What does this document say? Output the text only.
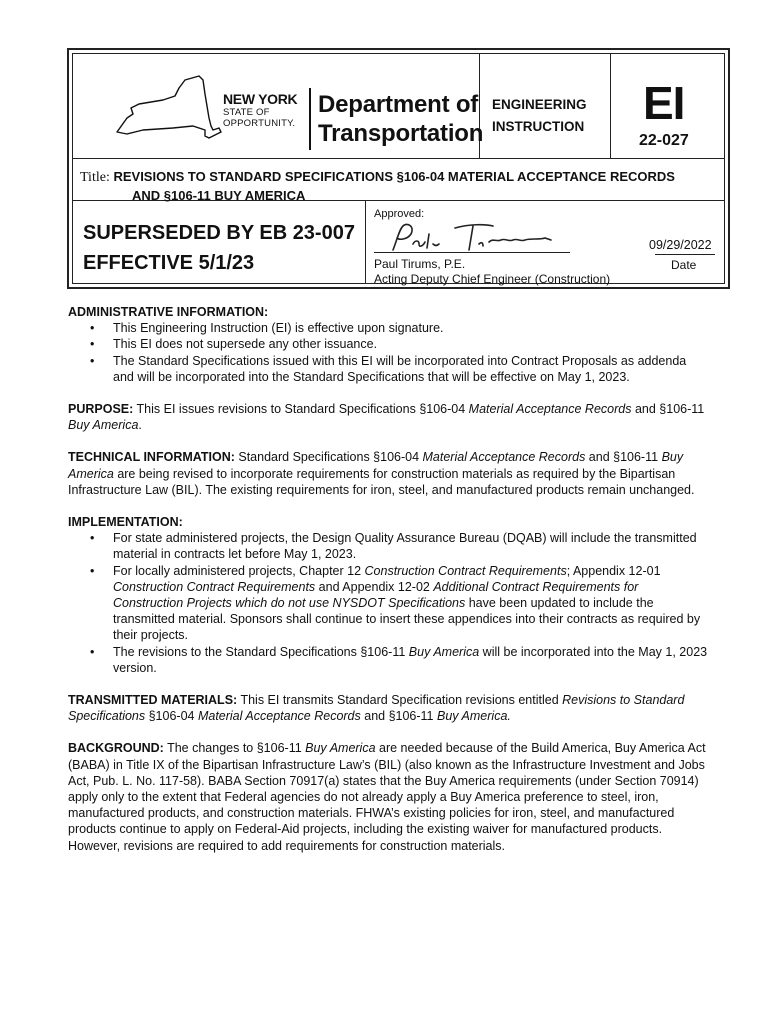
NEW YORK
STATE OF
OPPORTUNITY.
Department of
Transportation
ENGINEERING
INSTRUCTION EI
22-027
Title: REVISIONS TO STANDARD SPECIFICATIONS §106-04 MATERIAL ACCEPTANCE RECORDS
AND §106-11 BUY AMERICA
SUPERSEDED BY EB 23-007
EFFECTIVE 5/1/23
Approved:
Paul Tirums, P.E.
Acting Deputy Chief Engineer (Construction)
09/29/2022
Date

ADMINISTRATIVE INFORMATION:

• This Engineering Instruction (EI) is effective upon signature.

• This EI does not supersede any other issuance.

• The Standard Specifications issued with this EI will be incorporated into Contract Proposals as addenda and will be incorporated into the Standard Specifications that will be effective on May 1, 2023.

PURPOSE: This EI issues revisions to Standard Specifications §106-04 Material Acceptance Records and §106-11 Buy America.

TECHNICAL INFORMATION: Standard Specifications §106-04 Material Acceptance Records and §106-11 Buy America are being revised to incorporate requirements for construction materials as required by the Bipartisan Infrastructure Law (BIL). The existing requirements for iron, steel, and manufactured products remain unchanged.

IMPLEMENTATION:

• For state administered projects, the Design Quality Assurance Bureau (DQAB) will include the transmitted material in contracts let before May 1, 2023.

• For locally administered projects, Chapter 12 Construction Contract Requirements; Appendix 12-01 Construction Contract Requirements and Appendix 12-02 Additional Contract Requirements for Construction Projects which do not use NYSDOT Specifications have been updated to include the transmitted material. Sponsors shall continue to insert these appendices into their contracts as required by their projects.

• The revisions to the Standard Specifications §106-11 Buy America will be incorporated into the May 1, 2023 version.

TRANSMITTED MATERIALS: This EI transmits Standard Specification revisions entitled Revisions to Standard Specifications §106-04 Material Acceptance Records and §106-11 Buy America.

BACKGROUND: The changes to §106-11 Buy America are needed because of the Build America, Buy America Act (BABA) in Title IX of the Bipartisan Infrastructure Law’s (BIL) (also known as the Infrastructure Investment and Jobs Act, Pub. L. No. 117-58). BABA Section 70917(a) states that the Buy America requirements (under Section 70914) apply only to the extent that Federal agencies do not already apply a Buy America preference to steel, iron, manufactured products, and construction materials. FHWA’s existing policies for iron, steel, and manufactured products continue to apply on Federal-Aid projects, including the existing waiver for manufactured products. However, revisions are required to add requirements for construction materials.
